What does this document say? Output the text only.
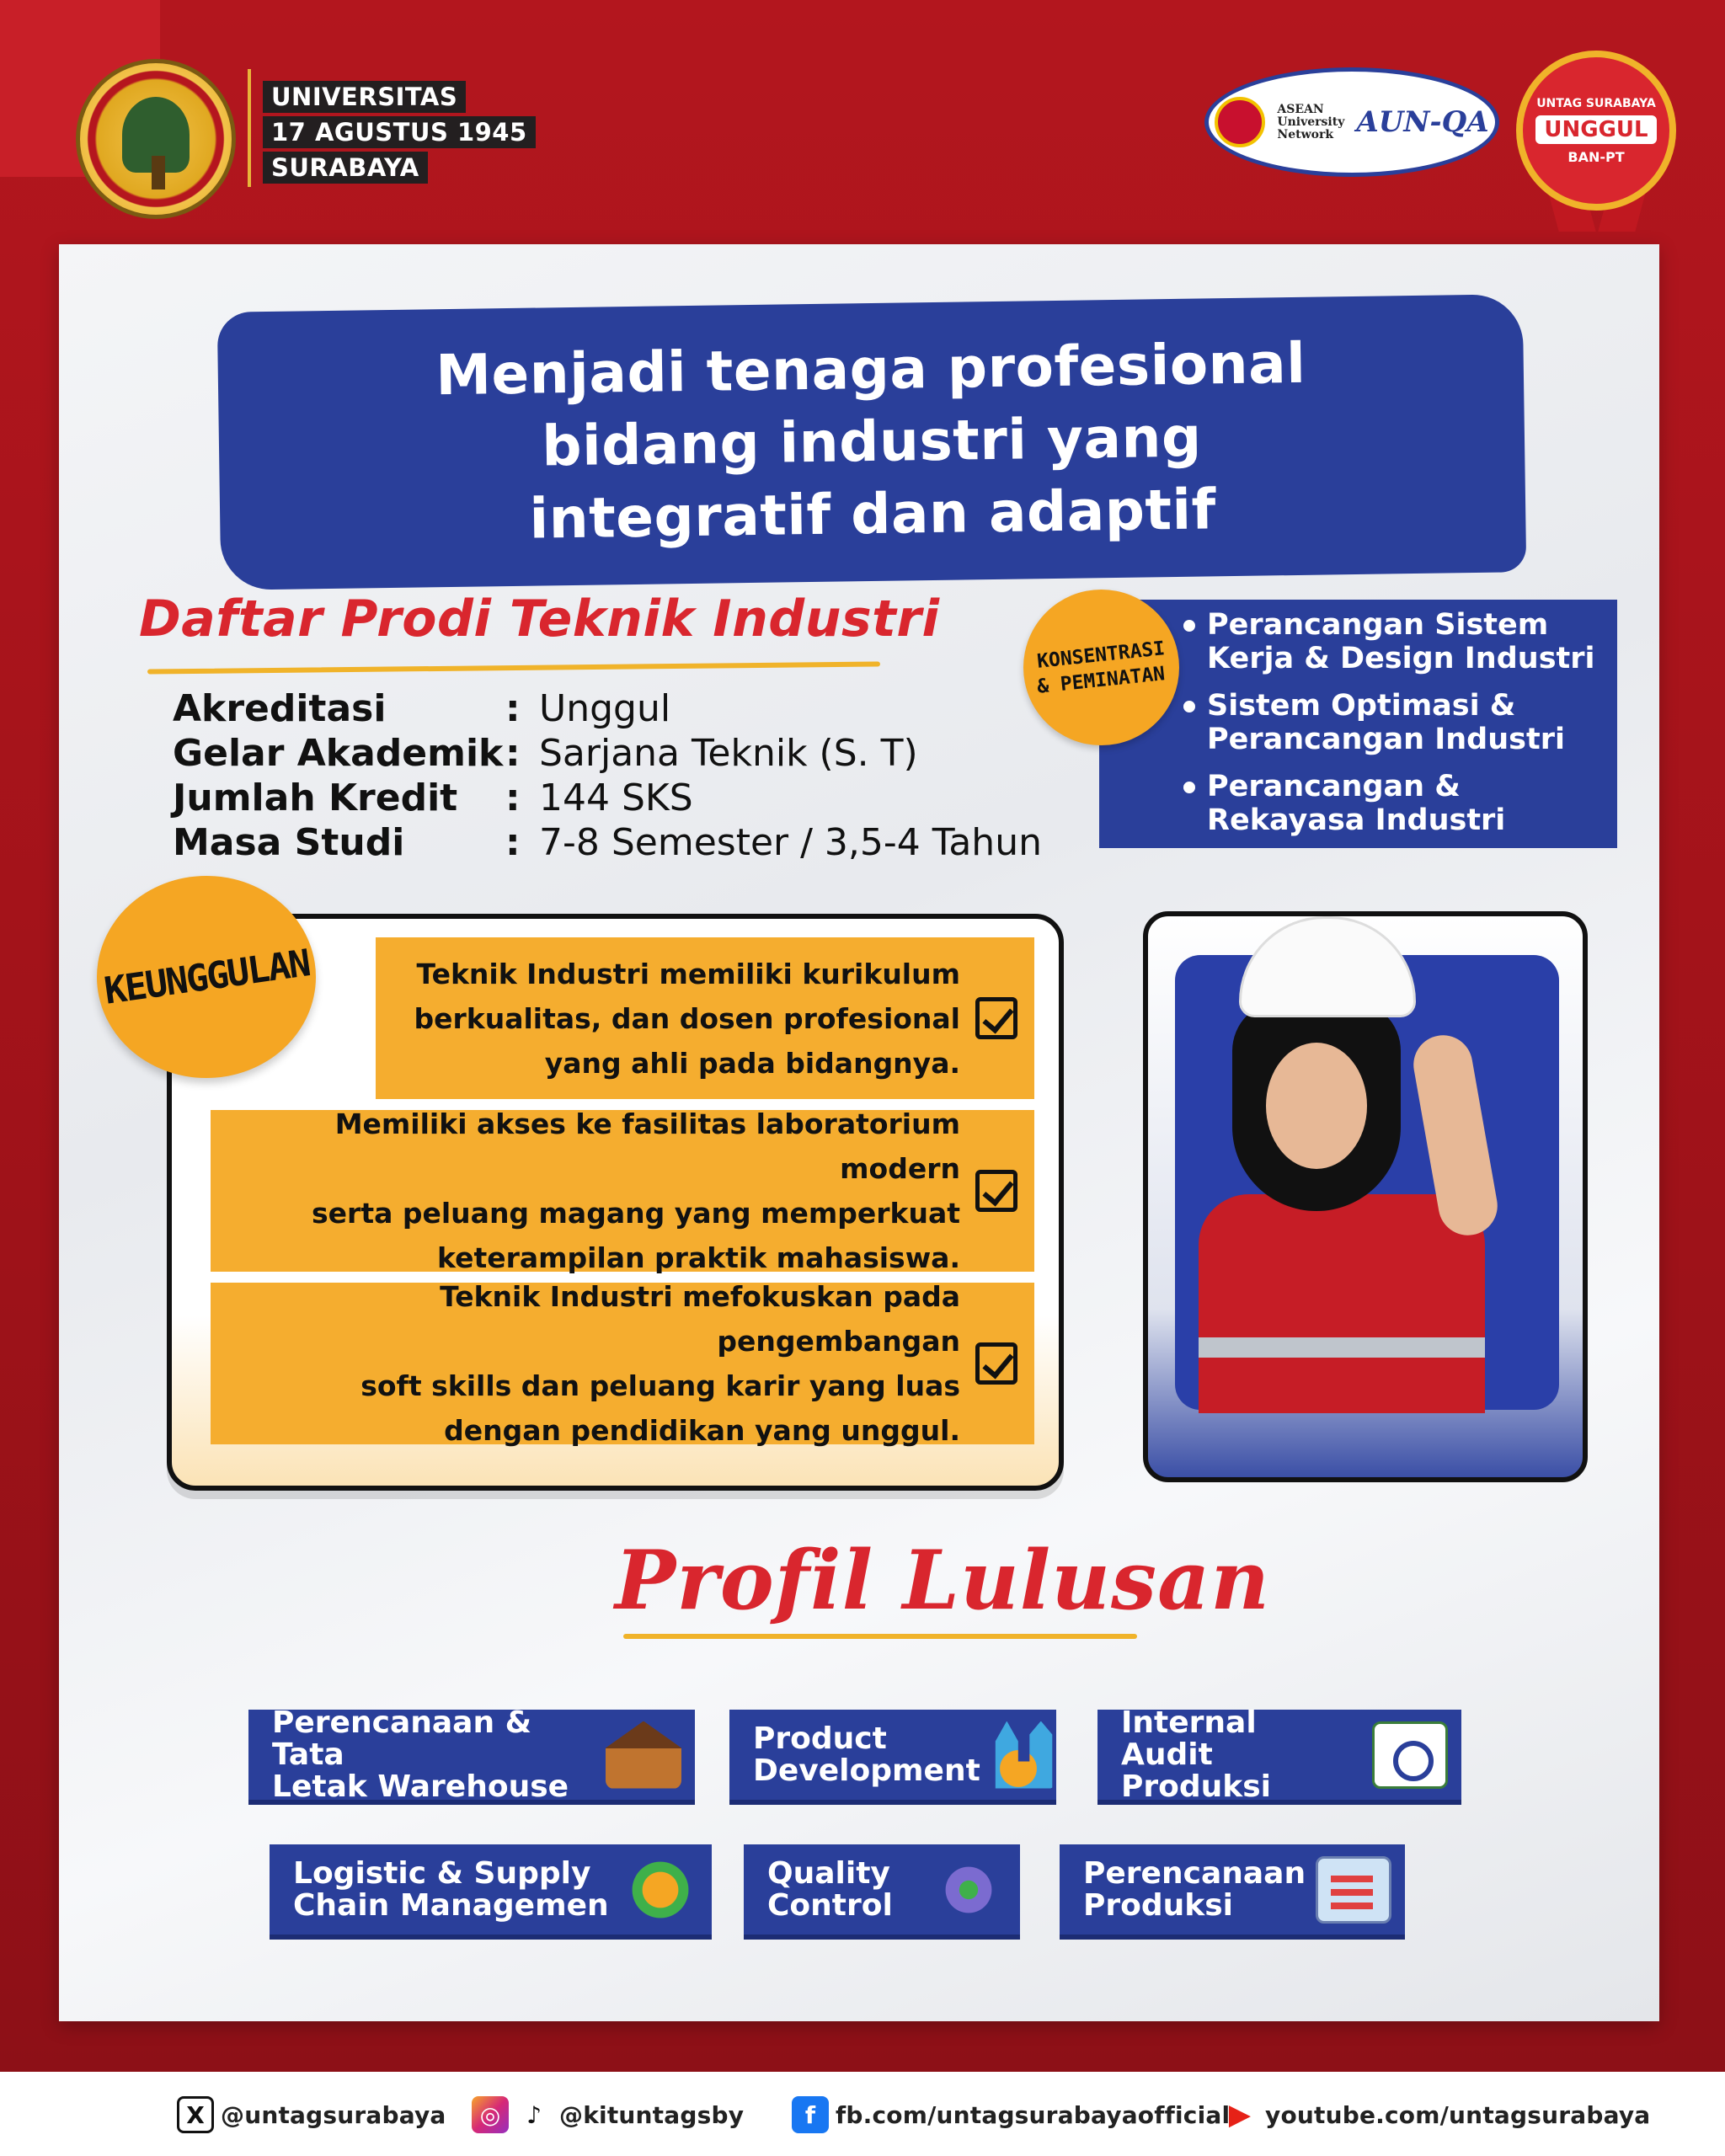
UNIVERSITAS
17 AGUSTUS 1945
SURABAYA
ASEAN
University
Network AUN-QA
UNTAG SURABAYA
UNGGUL
BAN-PT
Menjadi tenaga profesional
bidang industri yang
integratif dan adaptif
Daftar Prodi Teknik Industri
Akreditasi	: Unggul
Gelar Akademik : Sarjana Teknik (S. T)
Jumlah Kredit	: 144 SKS
Masa Studi	: 7-8 Semester / 3,5-4 Tahun
Perancangan Sistem Kerja & Design Industri
Sistem Optimasi & Perancangan Industri
Perancangan & Rekayasa Industri
KONSENTRASI
& PEMINATAN
Teknik Industri memiliki kurikulum
berkualitas, dan dosen profesional
yang ahli pada bidangnya.
Memiliki akses ke fasilitas laboratorium modern
serta peluang magang yang memperkuat
keterampilan praktik mahasiswa.
Teknik Industri mefokuskan pada pengembangan
soft skills dan peluang karir yang luas
dengan pendidikan yang unggul.
KEUNGGULAN
Profil Lulusan
Perencanaan & Tata
Letak Warehouse
Product
Development
Internal
Audit Produksi
Logistic & Supply
Chain Managemen
Quality
Control
Perencanaan
Produksi
X @untagsurabaya	◎	♪ @kituntagsby	f fb.com/untagsurabayaofficial
▶ youtube.com/untagsurabaya
